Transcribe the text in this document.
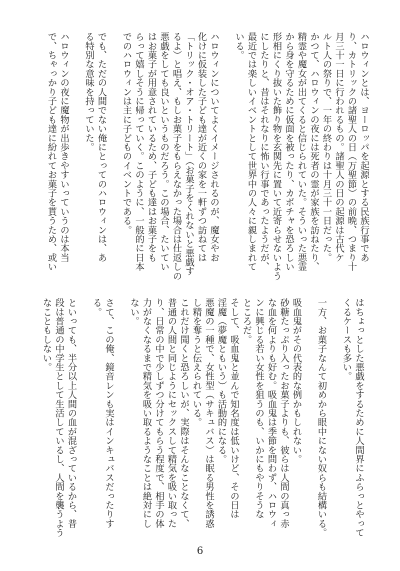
ハロウィンとは、ヨーロッパを起源とする民族行事であ
り、カトリックの諸聖人の日（万聖節）の前晩、つまり十
月三十一日に行われるもの。諸聖人の日の起源は古代ケ
ルト人の祭りで、一年の終わりは十月三十一日だった。
かつて、ハロウィンの夜には死者の霊が家族を訪ねたり、
精霊や魔女が出てくると信じられていた。そういった悪霊
から身を守るために仮面を被ったり、カボチャを恐ろしい
形相にくり抜いた飾り物を玄関先に置いて近寄らせないよう
にしたりと、昔はそれなりに怖い行事であったようだが、
最近では楽しいイベントとして世界中の人々に親しまれて
いる。
ハロウィンについてよくイメージされるのが、魔女やお
化けに仮装した子ども達が近くの家を一軒ずつ訪ねては
「トリック・オア・トリート」（お菓子をくれないと悪戯す
るよ）と唱え、もしお菓子をもらえなかった場合は仕返しの
悪戯をしても良いというものだろう。この場合、たいてい
はお菓子が用意されているため、子ども達はお菓子をも
らって嬉しそうに帰っていく。このように、一般的に日本
でのハロウィンは主に子どものイベントである。
でも、ただの人間でない俺にとってのハロウィンは、あ
る特別な意味を持っていた。
ハロウィンの夜に魔物が出歩きやすいっていうのは本当
で、ちゃっかり子ども達に紛れてお菓子を貰うため、或い
はちょっとした悪戯をするために人間界にふらっとやって
くるケースも多い。
一方、お菓子なんて初めから眼中にない奴らも結構いる。
吸血鬼がその代表的な例かもしれない。
砂糖たっぷり入ったお菓子よりも、彼らは人間の真っ赤
な血を何よりも好む。吸血鬼は季節を問わず、ハロウィ
ンに興じる若い女性を狙うのも、いかにもやりそうな
ところだ。
そして、吸血鬼と並んで知名度は低いけど、その日は
淫魔（夢魔ともいう）も活動的になる。
悪魔の一種で、女性型（サキュバス）は眠る男性を誘惑
し精を奪うと伝えられている。
これだけ聞くと恐ろしいが、実際はそんなことなくて、
普通の人間と同じようにセックスして精気を吸い取った
り、日常の中で少しずつ分けてもらう程度で、相手の体
力がなくなるまで精気を吸い取るようなことは絶対にし
ない。
さて、この俺、鏡音レンも実はインキュバスだったりす
る。
といっても、半分以上人間の血が混ざっているから、普
段は普通の中学生として生活しているし、人間を襲うよう
なこともしない。
6
